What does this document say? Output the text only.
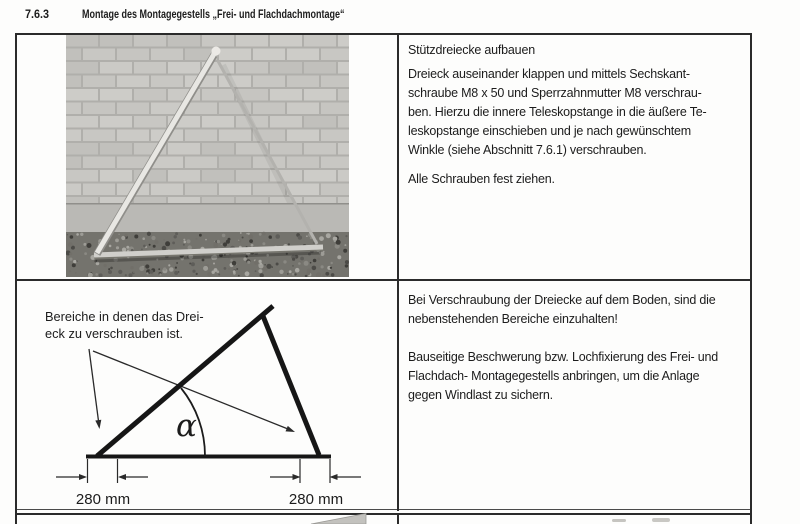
7.6.3	Montage des Montagegestells „Frei- und Flachdachmontage“
Stützdreiecke aufbauen
Dreieck auseinander klappen und mittels Sechskant-
schraube M8 x 50 und Sperrzahnmutter M8 verschrau-
ben. Hierzu die innere Teleskopstange in die äußere Te-
leskopstange einschieben und je nach gewünschtem
Winkle (siehe Abschnitt 7.6.1) verschrauben.
Alle Schrauben fest ziehen.
Bereiche in denen das Drei-
eck zu verschrauben ist.
α
280 mm	280 mm
Bei Verschraubung der Dreiecke auf dem Boden, sind die
nebenstehenden Bereiche einzuhalten!
Bauseitige Beschwerung bzw. Lochfixierung des Frei- und
Flachdach- Montagegestells anbringen, um die Anlage
gegen Windlast zu sichern.
